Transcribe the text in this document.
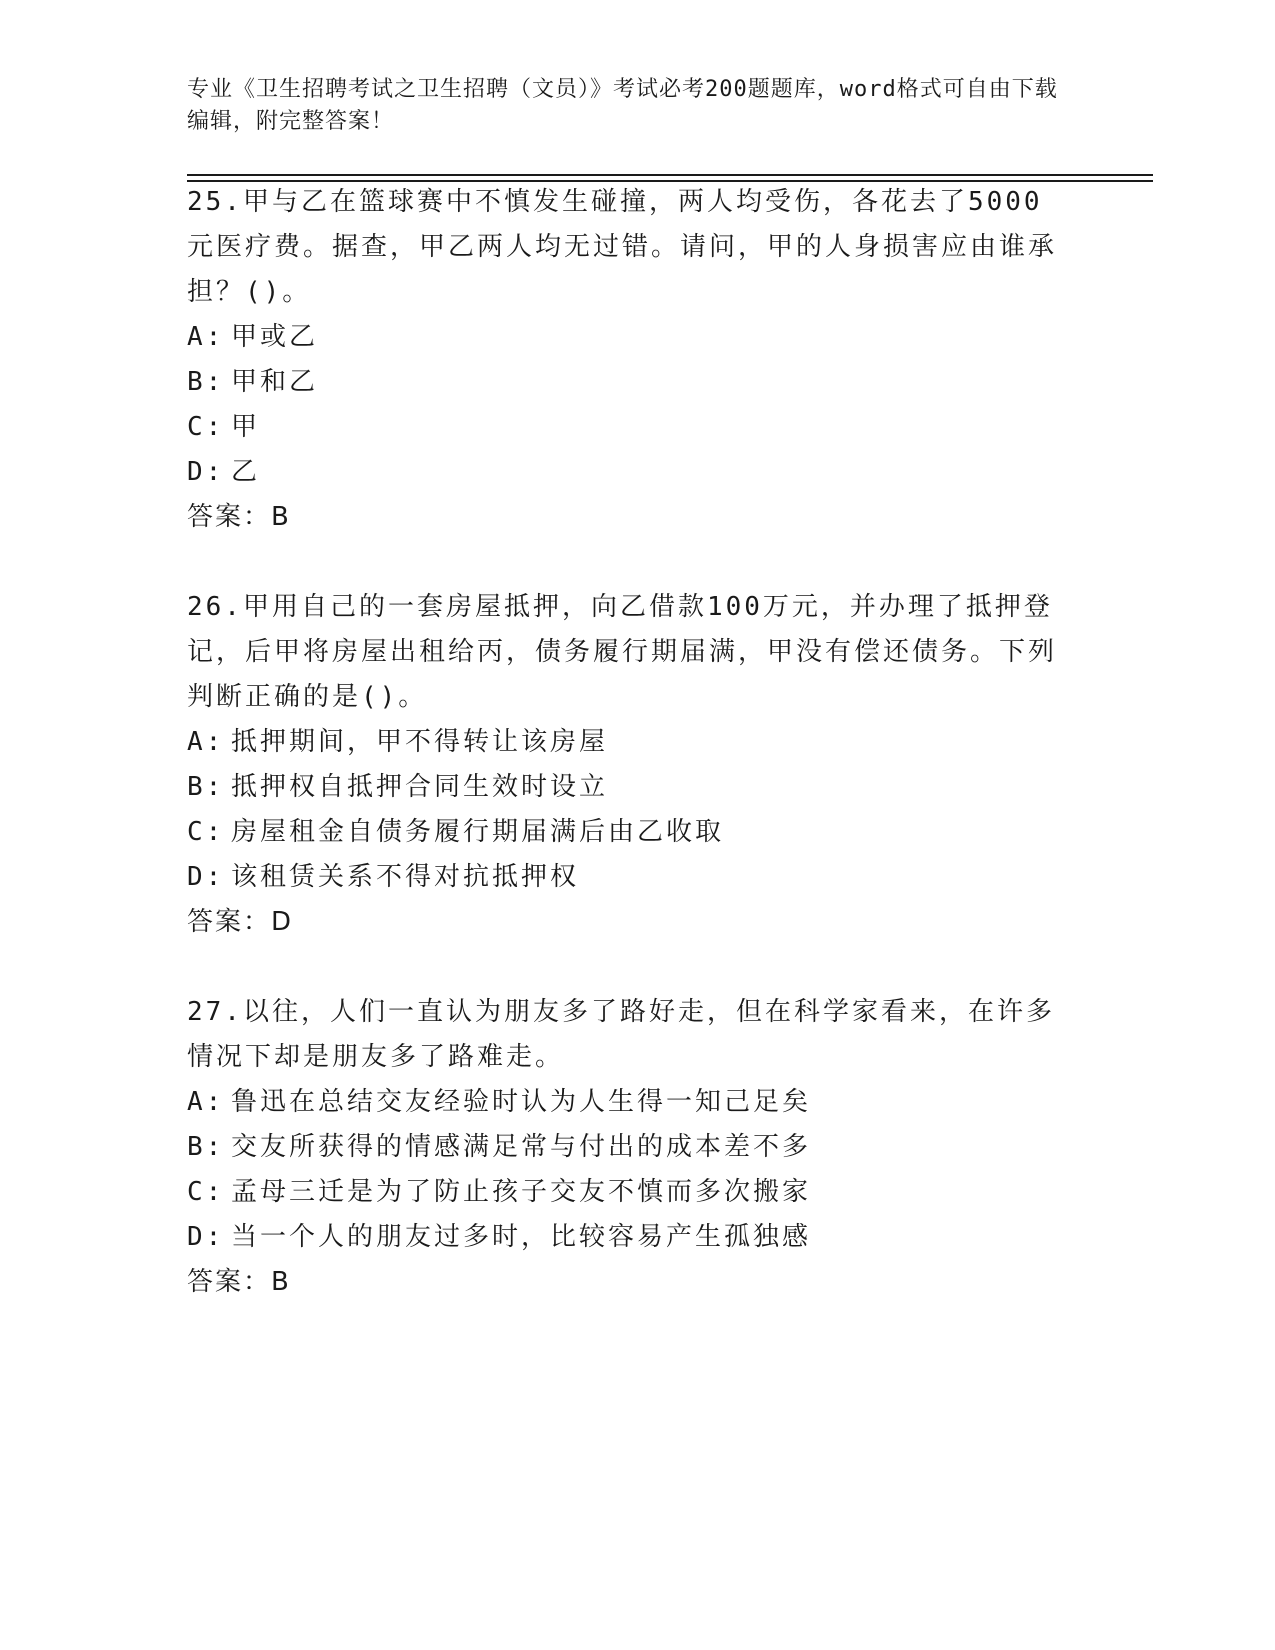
专业《卫生招聘考试之卫生招聘（文员）》考试必考200题题库，word格式可自由下载编辑，附完整答案！

25.甲与乙在篮球赛中不慎发生碰撞，两人均受伤，各花去了5000元医疗费。据查，甲乙两人均无过错。请问，甲的人身损害应由谁承担？()。

A: 甲或乙
B: 甲和乙
C: 甲
D: 乙
答案：B

26.甲用自己的一套房屋抵押，向乙借款100万元，并办理了抵押登记，后甲将房屋出租给丙，债务履行期届满，甲没有偿还债务。下列判断正确的是()。

A: 抵押期间，甲不得转让该房屋
B: 抵押权自抵押合同生效时设立
C: 房屋租金自债务履行期届满后由乙收取
D: 该租赁关系不得对抗抵押权
答案：D

27.以往，人们一直认为朋友多了路好走，但在科学家看来，在许多情况下却是朋友多了路难走。

A: 鲁迅在总结交友经验时认为人生得一知己足矣
B: 交友所获得的情感满足常与付出的成本差不多
C: 孟母三迁是为了防止孩子交友不慎而多次搬家
D: 当一个人的朋友过多时，比较容易产生孤独感
答案：B
